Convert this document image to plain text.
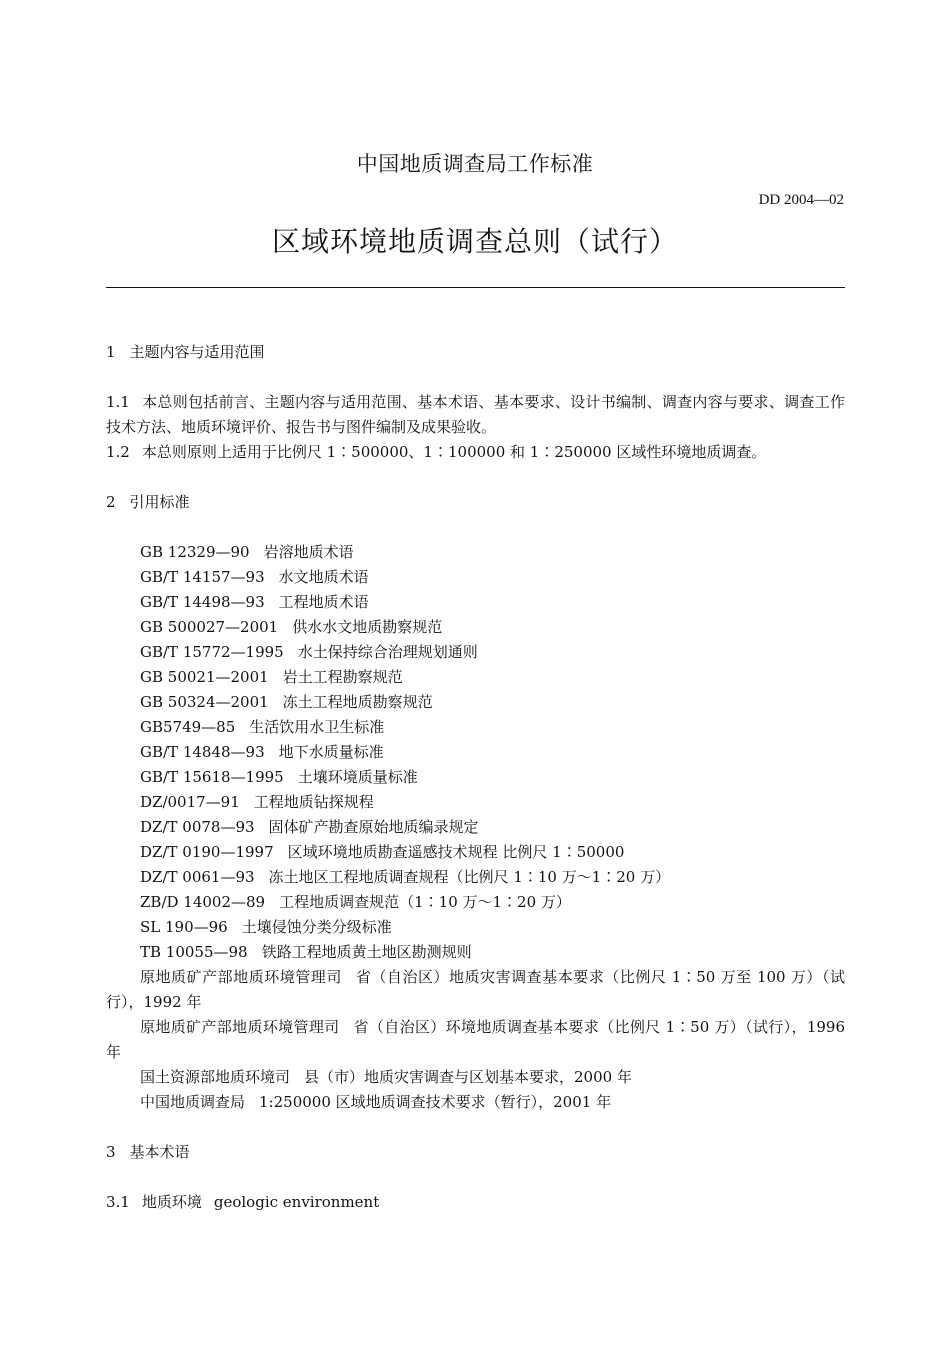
中国地质调查局工作标准
DD 2004—02
区域环境地质调查总则（试行）
1 主题内容与适用范围

1.1 本总则包括前言、主题内容与适用范围、基本术语、基本要求、设计书编制、调查内容与要求、调查工作技术方法、地质环境评价、报告书与图件编制及成果验收。

1.2 本总则原则上适用于比例尺 1∶500000、1∶100000 和 1∶250000 区域性环境地质调查。

2 引用标准
GB 12329—90 岩溶地质术语
GB/T 14157—93 水文地质术语
GB/T 14498—93 工程地质术语
GB 500027—2001 供水水文地质勘察规范
GB/T 15772—1995 水土保持综合治理规划通则
GB 50021—2001 岩土工程勘察规范
GB 50324—2001 冻土工程地质勘察规范
GB5749—85 生活饮用水卫生标准
GB/T 14848—93 地下水质量标准
GB/T 15618—1995 土壤环境质量标准
DZ/0017—91 工程地质钻探规程
DZ/T 0078—93 固体矿产勘查原始地质编录规定
DZ/T 0190—1997 区域环境地质勘查遥感技术规程 比例尺 1∶50000
DZ/T 0061—93 冻土地区工程地质调查规程（比例尺 1∶10 万～1∶20 万）
ZB/D 14002—89 工程地质调查规范（1∶10 万～1∶20 万）
SL 190—96 土壤侵蚀分类分级标准
TB 10055—98 铁路工程地质黄土地区勘测规则
原地质矿产部地质环境管理司 省（自治区）地质灾害调查基本要求（比例尺 1∶50 万至 100 万）（试行），1992 年
原地质矿产部地质环境管理司 省（自治区）环境地质调查基本要求（比例尺 1∶50 万）（试行），1996 年
国土资源部地质环境司 县（市）地质灾害调查与区划基本要求，2000 年
中国地质调查局 1:250000 区域地质调查技术要求（暂行），2001 年
3 基本术语

3.1 地质环境 geologic environment
